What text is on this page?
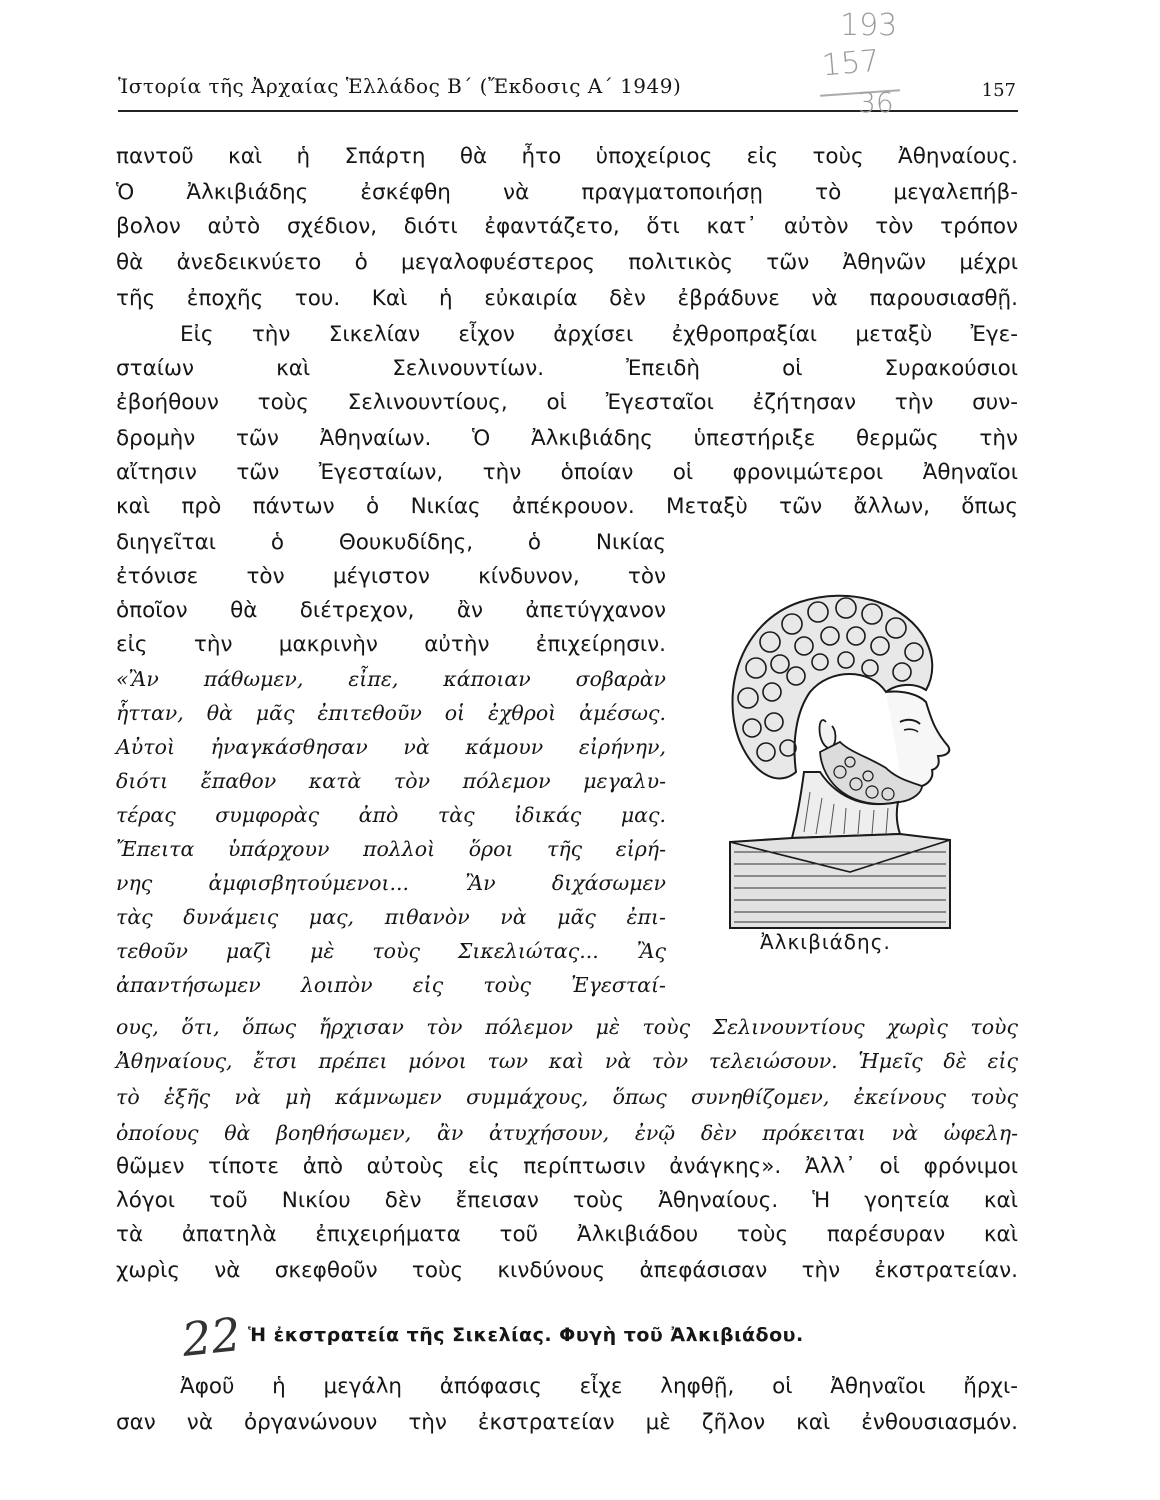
Ἱστορία τῆς Ἀρχαίας Ἑλλάδος Β΄ (Ἔκδοσις Α΄ 1949)	157
193
157
36
παντοῦ καὶ ἡ Σπάρτη θὰ ἦτο ὑποχείριος εἰς τοὺς Ἀθηναίους.
Ὁ Ἀλκιβιάδης ἐσκέφθη νὰ πραγματοποιήσῃ τὸ μεγαλεπήβ-
βολον αὐτὸ σχέδιον, διότι ἐφαντάζετο, ὅτι κατ᾿ αὐτὸν τὸν τρόπον
θὰ ἀνεδεικνύετο ὁ μεγαλοφυέστερος πολιτικὸς τῶν Ἀθηνῶν μέχρι
τῆς ἐποχῆς του. Καὶ ἡ εὐκαιρία δὲν ἐβράδυνε νὰ παρουσιασθῇ.
Εἰς τὴν Σικελίαν εἶχον ἀρχίσει ἐχθροπραξίαι μεταξὺ Ἐγε-
σταίων καὶ Σελινουντίων. Ἐπειδὴ οἱ Συρακούσιοι
ἐβοήθουν τοὺς Σελινουντίους, οἱ Ἐγεσταῖοι ἐζήτησαν τὴν συν-
δρομὴν τῶν Ἀθηναίων. Ὁ Ἀλκιβιάδης ὑπεστήριξε θερμῶς τὴν
αἴτησιν τῶν Ἐγεσταίων, τὴν ὁποίαν οἱ φρονιμώτεροι Ἀθηναῖοι
καὶ πρὸ πάντων ὁ Νικίας ἀπέκρουον. Μεταξὺ τῶν ἄλλων, ὅπως
διηγεῖται ὁ Θουκυδίδης, ὁ Νικίας
ἐτόνισε τὸν μέγιστον κίνδυνον, τὸν
ὁποῖον θὰ διέτρεχον, ἂν ἀπετύγχανον
εἰς τὴν μακρινὴν αὐτὴν ἐπιχείρησιν.
«Ἂν πάθωμεν, εἶπε, κάποιαν σοβαρὰν
ἧτταν, θὰ μᾶς ἐπιτεθοῦν οἱ ἐχθροὶ ἀμέσως.
Αὐτοὶ ἠναγκάσθησαν νὰ κάμουν εἰρήνην,
διότι ἔπαθον κατὰ τὸν πόλεμον μεγαλυ-
τέρας συμφορὰς ἀπὸ τὰς ἰδικάς μας.
Ἔπειτα ὑπάρχουν πολλοὶ ὅροι τῆς εἰρή-
νης ἀμφισβητούμενοι... Ἂν διχάσωμεν
τὰς δυνάμεις μας, πιθανὸν νὰ μᾶς ἐπι-
τεθοῦν μαζὶ μὲ τοὺς Σικελιώτας... Ἂς
ἀπαντήσωμεν λοιπὸν εἰς τοὺς Ἐγεσταί-
ους, ὅτι, ὅπως ἤρχισαν τὸν πόλεμον μὲ τοὺς Σελινουντίους χωρὶς τοὺς
Ἀθηναίους, ἔτσι πρέπει μόνοι των καὶ νὰ τὸν τελειώσουν. Ἡμεῖς δὲ εἰς
τὸ ἑξῆς νὰ μὴ κάμνωμεν συμμάχους, ὅπως συνηθίζομεν, ἐκείνους τοὺς
ὁποίους θὰ βοηθήσωμεν, ἂν ἀτυχήσουν, ἐνῷ δὲν πρόκειται νὰ ὠφελη-
θῶμεν τίποτε ἀπὸ αὐτοὺς εἰς περίπτωσιν ἀνάγκης». Ἀλλ᾿ οἱ φρόνιμοι
λόγοι τοῦ Νικίου δὲν ἔπεισαν τοὺς Ἀθηναίους. Ἡ γοητεία καὶ
τὰ ἀπατηλὰ ἐπιχειρήματα τοῦ Ἀλκιβιάδου τοὺς παρέσυραν καὶ
χωρὶς νὰ σκεφθοῦν τοὺς κινδύνους ἀπεφάσισαν τὴν ἐκστρατείαν.
22 Ἡ ἐκστρατεία τῆς Σικελίας. Φυγὴ τοῦ Ἀλκιβιάδου.
Ἀφοῦ ἡ μεγάλη ἀπόφασις εἶχε ληφθῇ, οἱ Ἀθηναῖοι ἤρχι-
σαν νὰ ὀργανώνουν τὴν ἐκστρατείαν μὲ ζῆλον καὶ ἐνθουσιασμόν.
Ἀλκιβιάδης.
